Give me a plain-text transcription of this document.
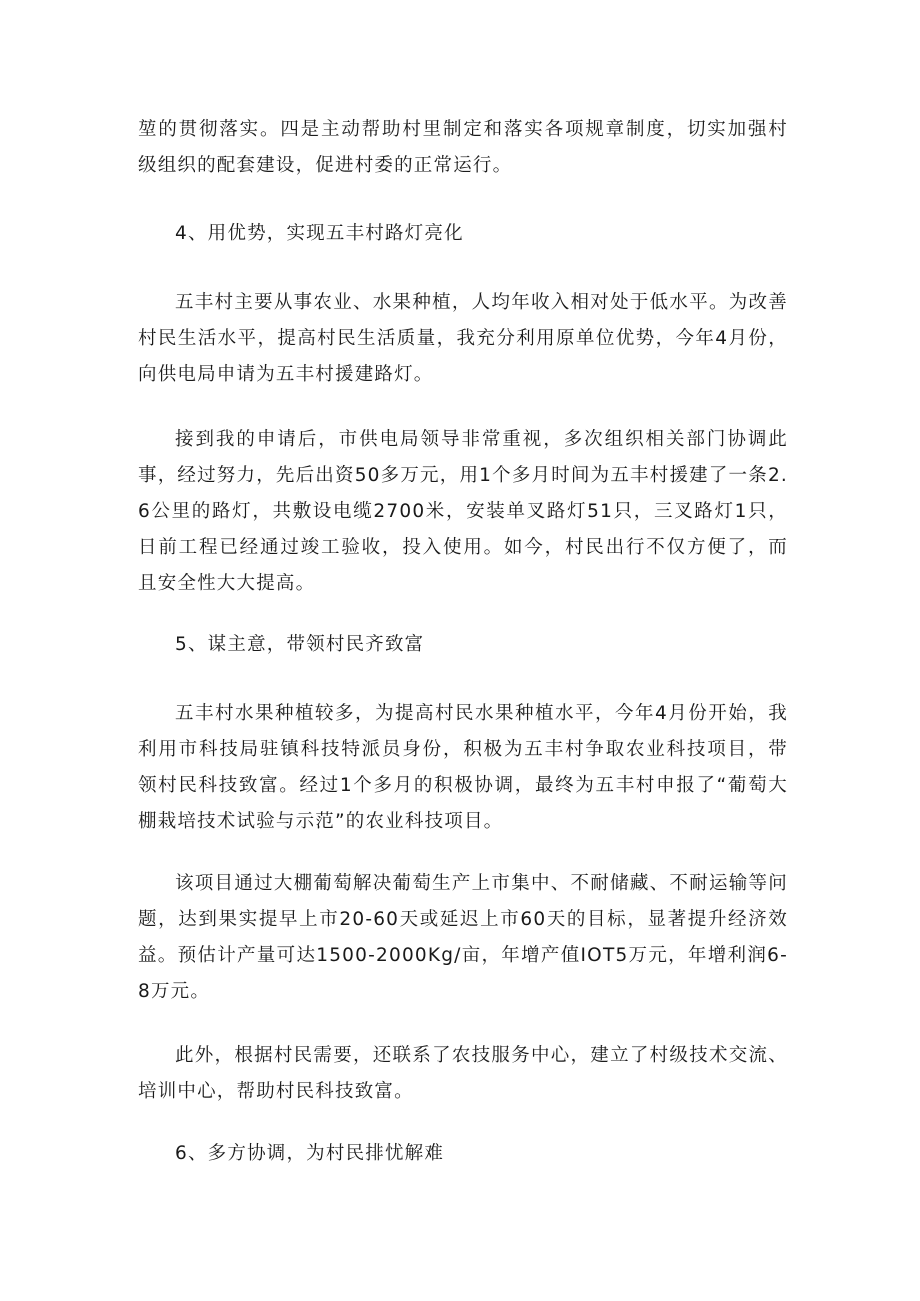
堃的贯彻落实。四是主动帮助村里制定和落实各项规章制度，切实加强村级组织的配套建设，促进村委的正常运行。

4、用优势，实现五丰村路灯亮化

五丰村主要从事农业、水果种植，人均年收入相对处于低水平。为改善村民生活水平，提高村民生活质量，我充分利用原单位优势，今年4月份，向供电局申请为五丰村援建路灯。

接到我的申请后，市供电局领导非常重视，多次组织相关部门协调此事，经过努力，先后出资50多万元，用1个多月时间为五丰村援建了一条2.6公里的路灯，共敷设电缆2700米，安装单叉路灯51只，三叉路灯1只，日前工程已经通过竣工验收，投入使用。如今，村民出行不仅方便了，而且安全性大大提高。

5、谋主意，带领村民齐致富

五丰村水果种植较多，为提高村民水果种植水平，今年4月份开始，我利用市科技局驻镇科技特派员身份，积极为五丰村争取农业科技项目，带领村民科技致富。经过1个多月的积极协调，最终为五丰村申报了“葡萄大棚栽培技术试验与示范”的农业科技项目。

该项目通过大棚葡萄解决葡萄生产上市集中、不耐储藏、不耐运输等问题，达到果实提早上市20-60天或延迟上市60天的目标，显著提升经济效益。预估计产量可达1500-2000Kg/亩，年增产值IOT5万元，年增利润6-8万元。

此外，根据村民需要，还联系了农技服务中心，建立了村级技术交流、培训中心，帮助村民科技致富。

6、多方协调，为村民排忧解难
